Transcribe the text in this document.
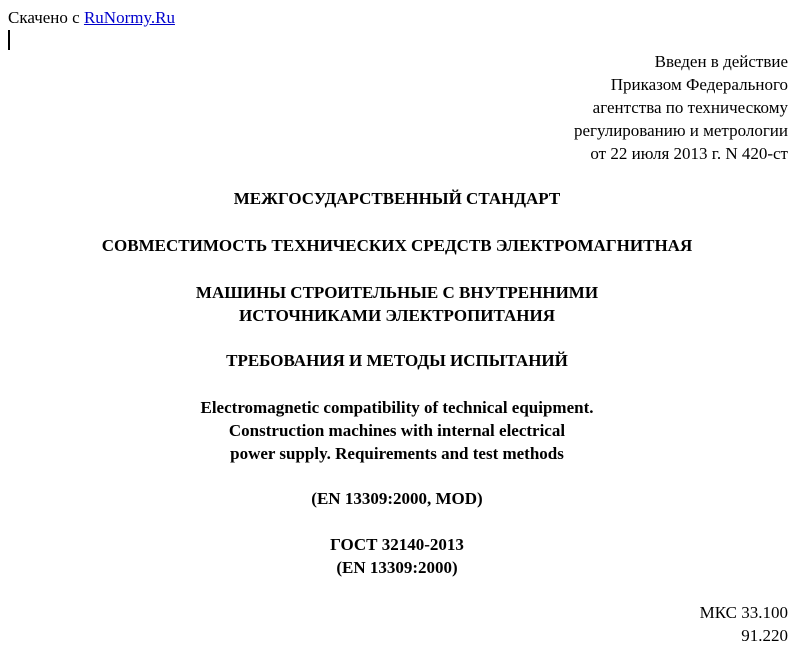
Скачено с RuNormy.Ru
Введен в действие
Приказом Федерального
агентства по техническому
регулированию и метрологии
от 22 июля 2013 г. N 420-ст
МЕЖГОСУДАРСТВЕННЫЙ СТАНДАРТ
СОВМЕСТИМОСТЬ ТЕХНИЧЕСКИХ СРЕДСТВ ЭЛЕКТРОМАГНИТНАЯ
МАШИНЫ СТРОИТЕЛЬНЫЕ С ВНУТРЕННИМИ
ИСТОЧНИКАМИ ЭЛЕКТРОПИТАНИЯ
ТРЕБОВАНИЯ И МЕТОДЫ ИСПЫТАНИЙ
Electromagnetic compatibility of technical equipment.
Construction machines with internal electrical
power supply. Requirements and test methods
(EN 13309:2000, MOD)
ГОСТ 32140-2013
(EN 13309:2000)
МКС 33.100
91.220
